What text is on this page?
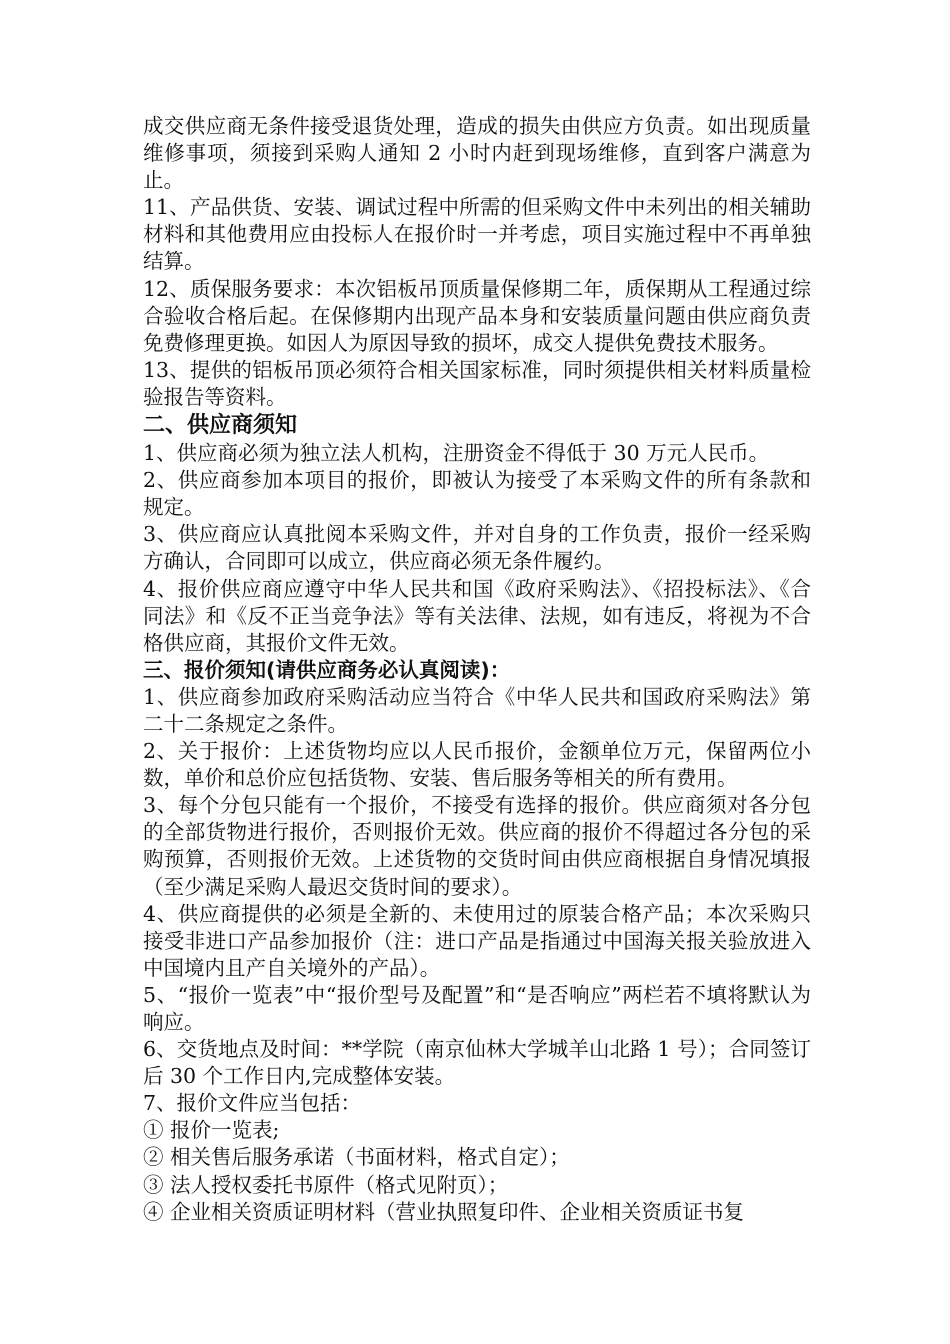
成交供应商无条件接受退货处理，造成的损失由供应方负责。如出现质量维修事项，须接到采购人通知 2 小时内赶到现场维修，直到客户满意为止。

11、产品供货、安装、调试过程中所需的但采购文件中未列出的相关辅助材料和其他费用应由投标人在报价时一并考虑，项目实施过程中不再单独结算。

12、质保服务要求：本次铝板吊顶质量保修期二年，质保期从工程通过综合验收合格后起。在保修期内出现产品本身和安装质量问题由供应商负责免费修理更换。如因人为原因导致的损坏，成交人提供免费技术服务。

13、提供的铝板吊顶必须符合相关国家标准，同时须提供相关材料质量检验报告等资料。

二、供应商须知

1、供应商必须为独立法人机构，注册资金不得低于 30 万元人民币。

2、供应商参加本项目的报价，即被认为接受了本采购文件的所有条款和规定。

3、供应商应认真批阅本采购文件，并对自身的工作负责，报价一经采购方确认，合同即可以成立，供应商必须无条件履约。

4、报价供应商应遵守中华人民共和国《政府采购法》、《招投标法》、《合同法》和《反不正当竞争法》等有关法律、法规，如有违反，将视为不合格供应商，其报价文件无效。

三、报价须知(请供应商务必认真阅读)：

1、供应商参加政府采购活动应当符合《中华人民共和国政府采购法》第二十二条规定之条件。

2、关于报价：上述货物均应以人民币报价，金额单位万元，保留两位小数，单价和总价应包括货物、安装、售后服务等相关的所有费用。

3、每个分包只能有一个报价，不接受有选择的报价。供应商须对各分包的全部货物进行报价，否则报价无效。供应商的报价不得超过各分包的采购预算，否则报价无效。上述货物的交货时间由供应商根据自身情况填报（至少满足采购人最迟交货时间的要求）。

4、供应商提供的必须是全新的、未使用过的原装合格产品；本次采购只接受非进口产品参加报价（注：进口产品是指通过中国海关报关验放进入中国境内且产自关境外的产品）。

5、“报价一览表”中“报价型号及配置”和“是否响应”两栏若不填将默认为响应。

6、交货地点及时间：**学院（南京仙林大学城羊山北路 1 号）；合同签订后 30 个工作日内,完成整体安装。

7、报价文件应当包括：

① 报价一览表;

② 相关售后服务承诺（书面材料，格式自定）；

③ 法人授权委托书原件（格式见附页）；

④ 企业相关资质证明材料（营业执照复印件、企业相关资质证书复
